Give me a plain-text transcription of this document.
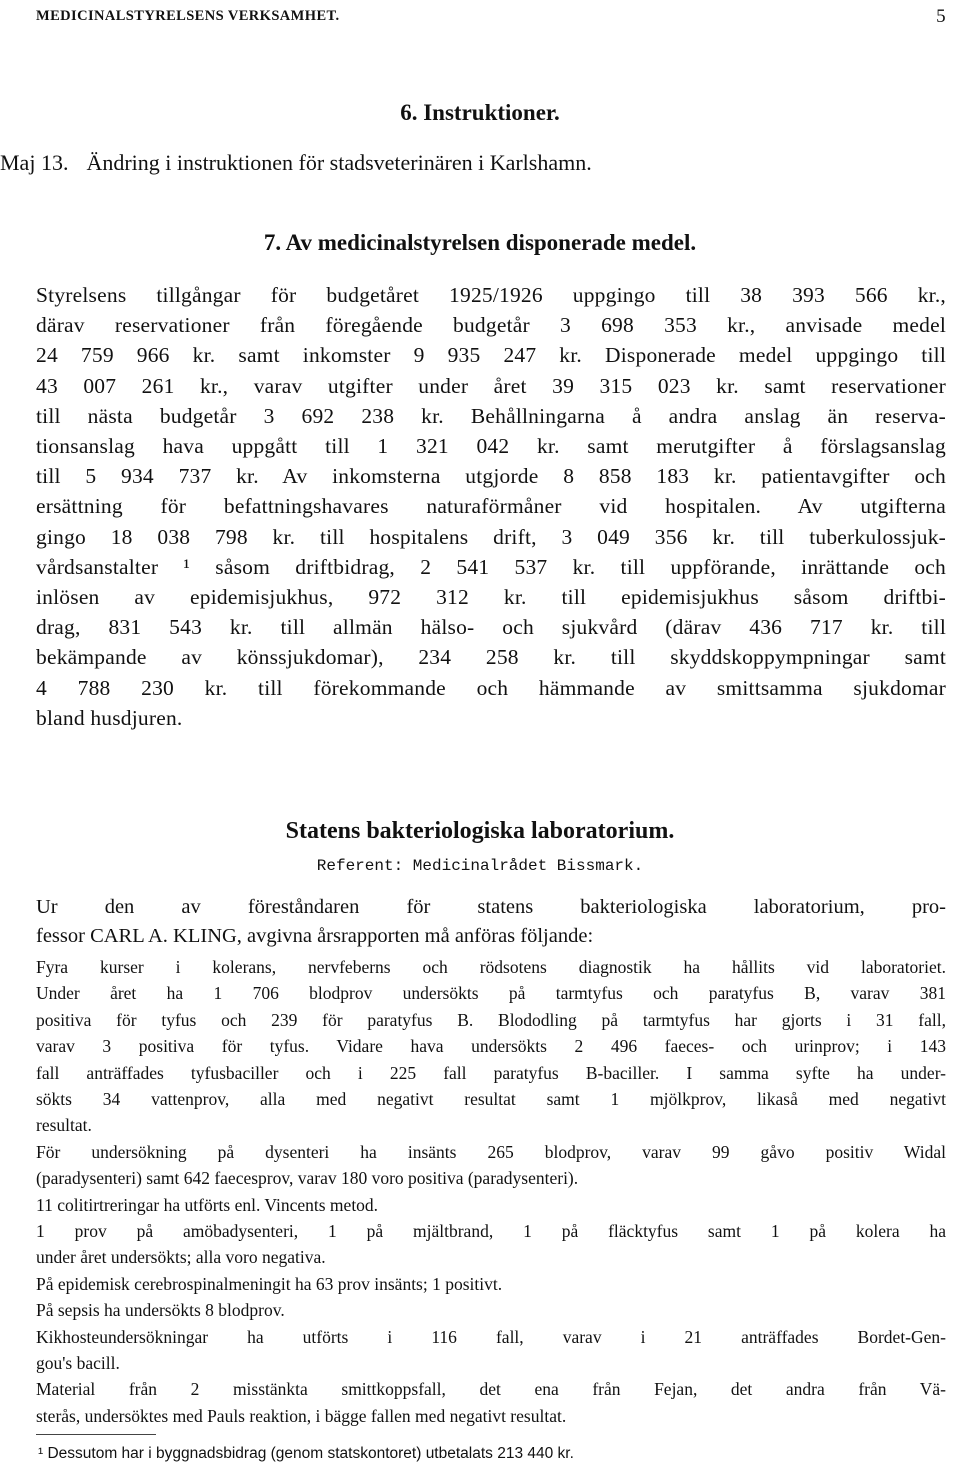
MEDICINALSTYRELSENS VERKSAMHET.	5
6. Instruktioner.
Maj 13. Ändring i instruktionen för stadsveterinären i Karlshamn.
7. Av medicinalstyrelsen disponerade medel.
Styrelsens tillgångar för budgetåret 1925/1926 uppgingo till 38 393 566 kr.,
därav reservationer från föregående budgetår 3 698 353 kr., anvisade medel
24 759 966 kr. samt inkomster 9 935 247 kr. Disponerade medel uppgingo till
43 007 261 kr., varav utgifter under året 39 315 023 kr. samt reservationer
till nästa budgetår 3 692 238 kr. Behållningarna å andra anslag än reserva-
tionsanslag hava uppgått till 1 321 042 kr. samt merutgifter å förslagsanslag
till 5 934 737 kr. Av inkomsterna utgjorde 8 858 183 kr. patientavgifter och
ersättning för befattningshavares naturaförmåner vid hospitalen. Av utgifterna
gingo 18 038 798 kr. till hospitalens drift, 3 049 356 kr. till tuberkulossjuk-
vårdsanstalter ¹ såsom driftbidrag, 2 541 537 kr. till uppförande, inrättande och
inlösen av epidemisjukhus, 972 312 kr. till epidemisjukhus såsom driftbi-
drag, 831 543 kr. till allmän hälso- och sjukvård (därav 436 717 kr. till
bekämpande av könssjukdomar), 234 258 kr. till skyddskoppympningar samt
4 788 230 kr. till förekommande och hämmande av smittsamma sjukdomar
bland husdjuren.
Statens bakteriologiska laboratorium.
Referent: Medicinalrådet Bissmark.
Ur den av föreståndaren för statens bakteriologiska laboratorium, pro-
fessor CARL A. KLING, avgivna årsrapporten må anföras följande:
Fyra kurser i kolerans, nervfeberns och rödsotens diagnostik ha hållits vid laboratoriet.
Under året ha 1 706 blodprov undersökts på tarmtyfus och paratyfus B, varav 381
positiva för tyfus och 239 för paratyfus B. Blododling på tarmtyfus har gjorts i 31 fall,
varav 3 positiva för tyfus. Vidare hava undersökts 2 496 faeces- och urinprov; i 143
fall anträffades tyfusbaciller och i 225 fall paratyfus B-baciller. I samma syfte ha under-
sökts 34 vattenprov, alla med negativt resultat samt 1 mjölkprov, likaså med negativt
resultat.
För undersökning på dysenteri ha insänts 265 blodprov, varav 99 gåvo positiv Widal
(paradysenteri) samt 642 faecesprov, varav 180 voro positiva (paradysenteri).
11 colitirtreringar ha utförts enl. Vincents metod.
1 prov på amöbadysenteri, 1 på mjältbrand, 1 på fläcktyfus samt 1 på kolera ha
under året undersökts; alla voro negativa.
På epidemisk cerebrospinalmeningit ha 63 prov insänts; 1 positivt.
På sepsis ha undersökts 8 blodprov.
Kikhosteundersökningar ha utförts i 116 fall, varav i 21 anträffades Bordet-Gen-
gou's bacill.
Material från 2 misstänkta smittkoppsfall, det ena från Fejan, det andra från Vä-
sterås, undersöktes med Pauls reaktion, i bägge fallen med negativt resultat.
¹ Dessutom har i byggnadsbidrag (genom statskontoret) utbetalats 213 440 kr.
